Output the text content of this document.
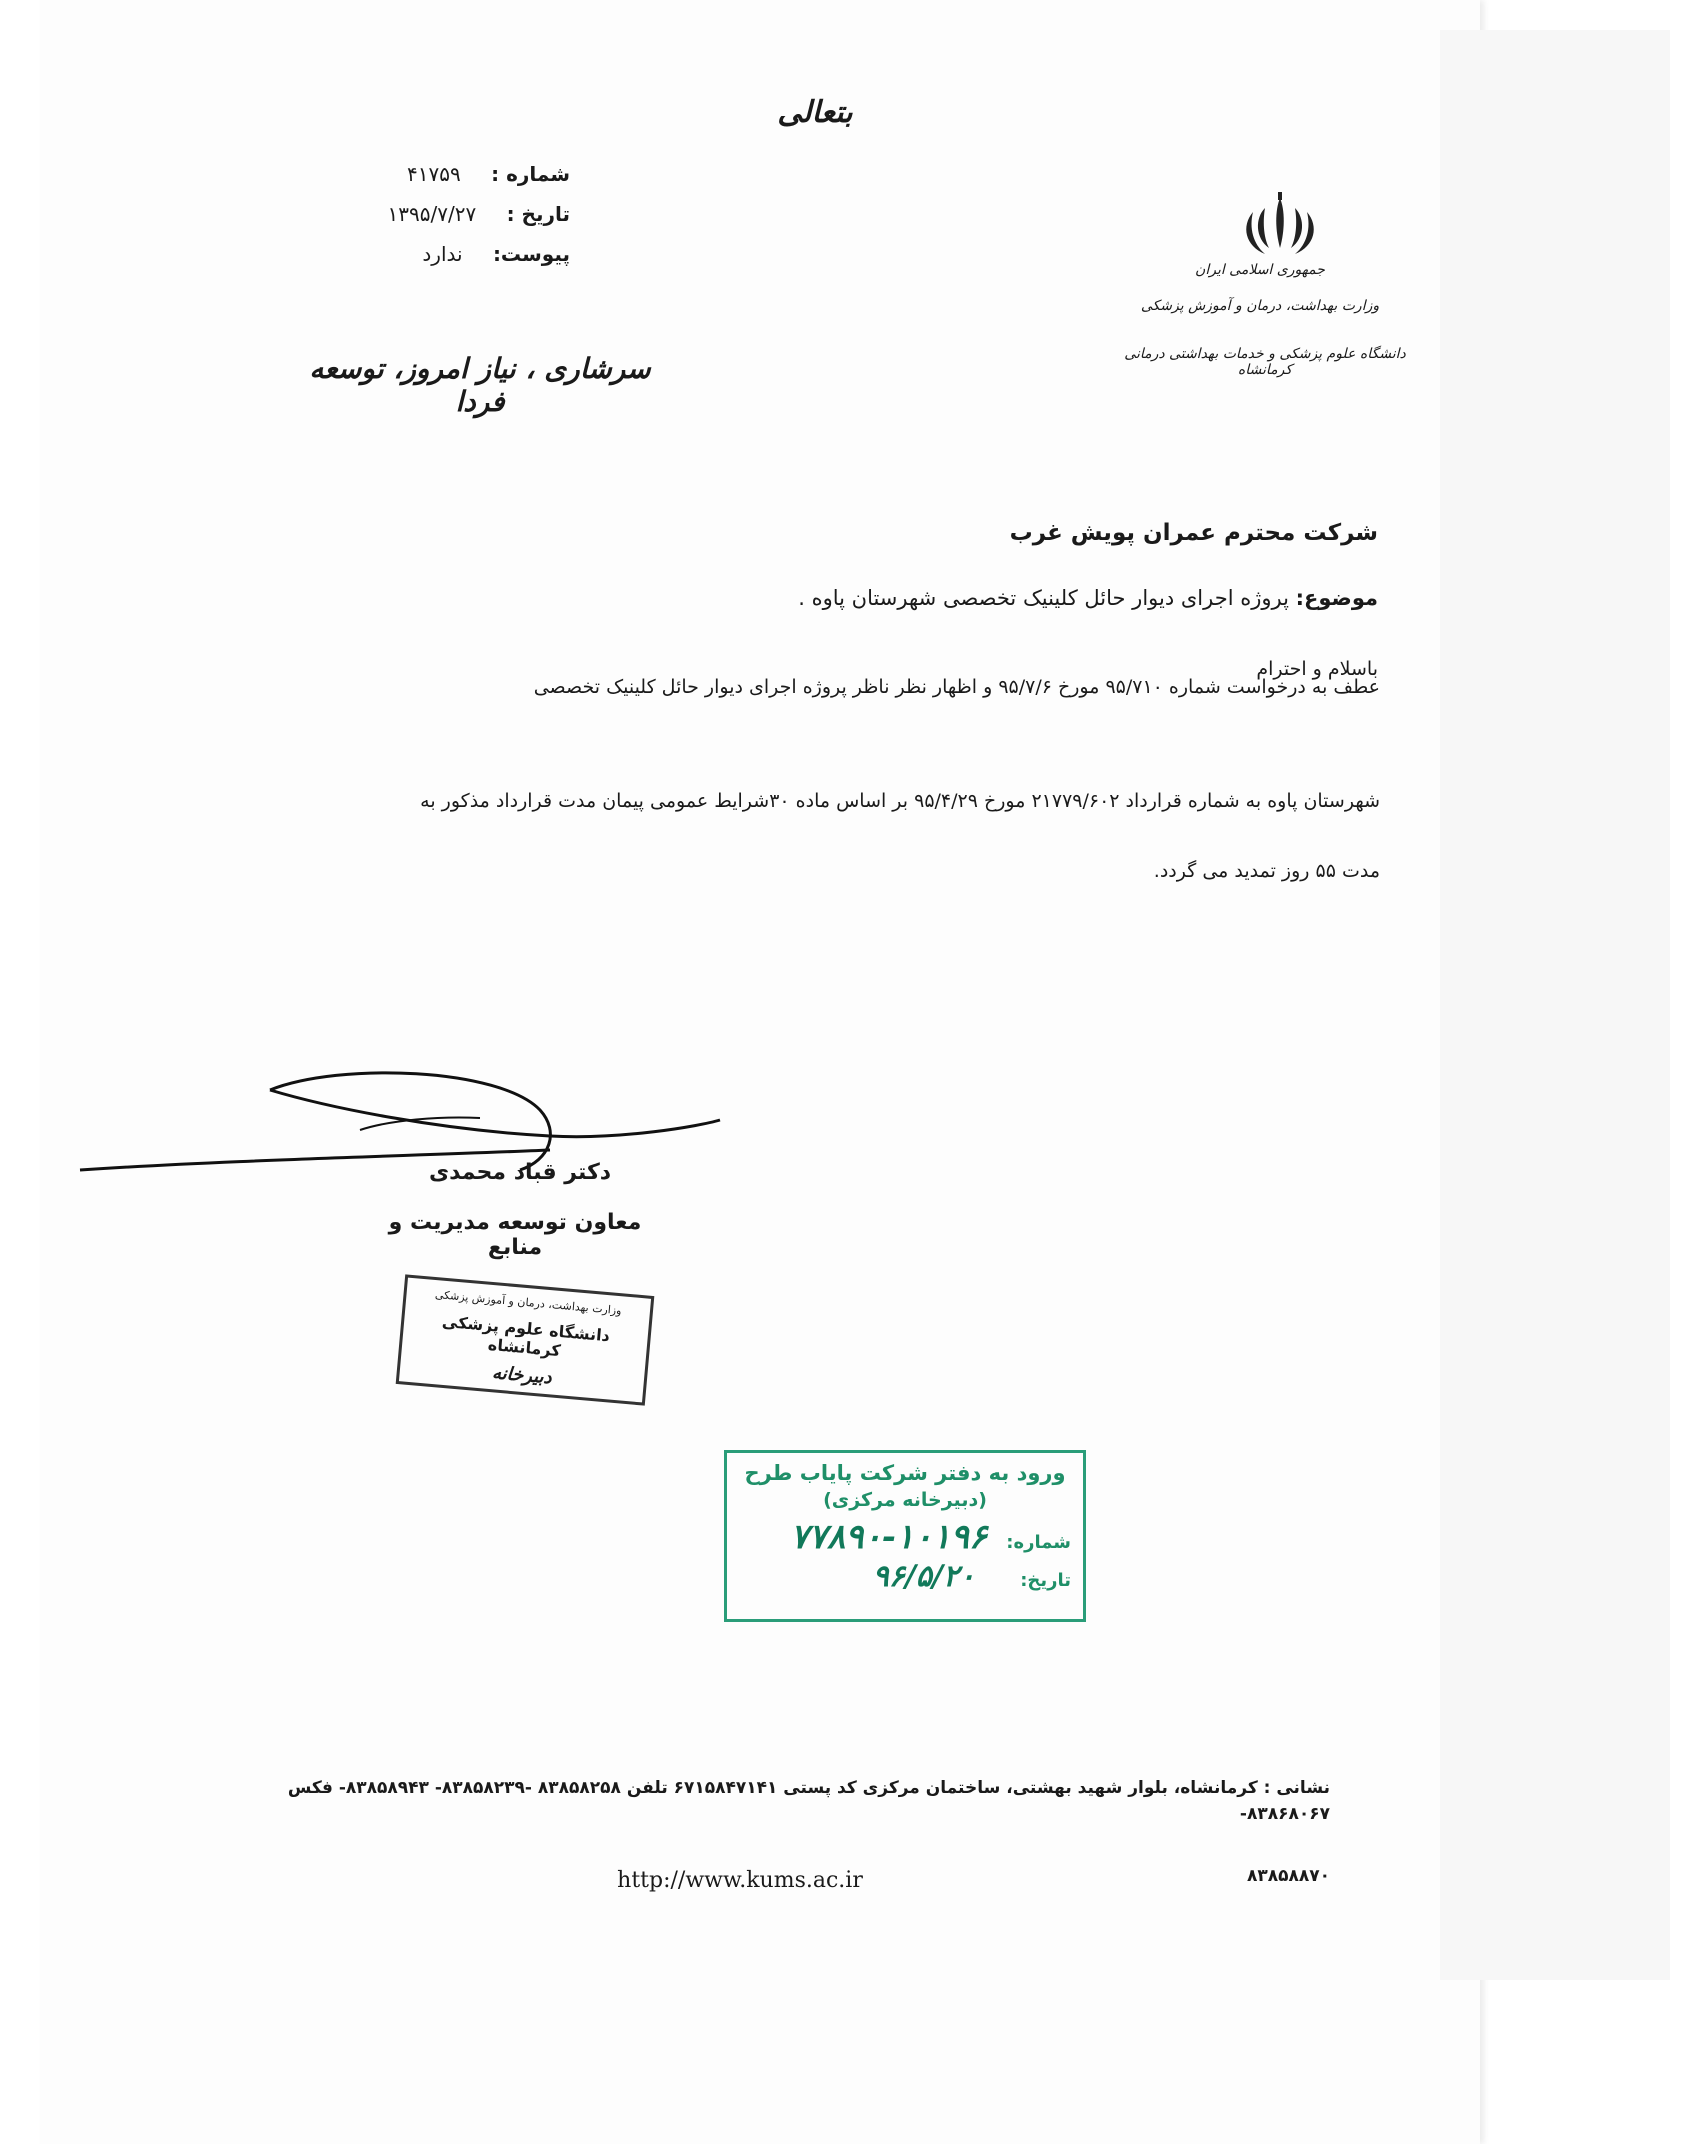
بتعالی
شماره : ۴۱۷۵۹
تاریخ : ۱۳۹۵/۷/۲۷
پیوست: ندارد
سرشاری ، نیاز امروز، توسعه فردا
جمهوری اسلامی ایران
وزارت بهداشت، درمان و آموزش پزشکی
دانشگاه علوم پزشکی و خدمات بهداشتی درمانی کرمانشاه
شرکت محترم عمران پویش غرب
موضوع: پروژه اجرای دیوار حائل کلینیک تخصصی شهرستان پاوه .
باسلام و احترام
عطف به درخواست شماره ۹۵/۷۱۰ مورخ ۹۵/۷/۶ و اظهار نظر ناظر پروژه اجرای دیوار حائل کلینیک تخصصی
شهرستان پاوه به شماره قرارداد ۲۱۷۷۹/۶۰۲ مورخ ۹۵/۴/۲۹ بر اساس ماده ۳۰شرایط عمومی پیمان مدت قرارداد مذکور به
مدت ۵۵ روز تمدید می گردد.
دکتر قباد محمدی
معاون توسعه مدیریت و منابع
وزارت بهداشت، درمان و آموزش پزشکی
دانشگاه علوم پزشکی کرمانشاه
دبیرخانه
ورود به دفتر شرکت پایاب طرح
(دبیرخانه مرکزی)
شماره: ۱۰۱۹۶-۷۷۸۹۰
تاریخ: ۹۶/۵/۲۰
نشانی : کرمانشاه، بلوار شهید بهشتی، ساختمان مرکزی کد پستی ۶۷۱۵۸۴۷۱۴۱ تلفن ۸۳۸۵۸۲۵۸ -۸۳۸۵۸۲۳۹- ۸۳۸۵۸۹۴۳- فکس ۸۳۸۶۸۰۶۷-
۸۳۸۵۸۸۷۰
http://www.kums.ac.ir
